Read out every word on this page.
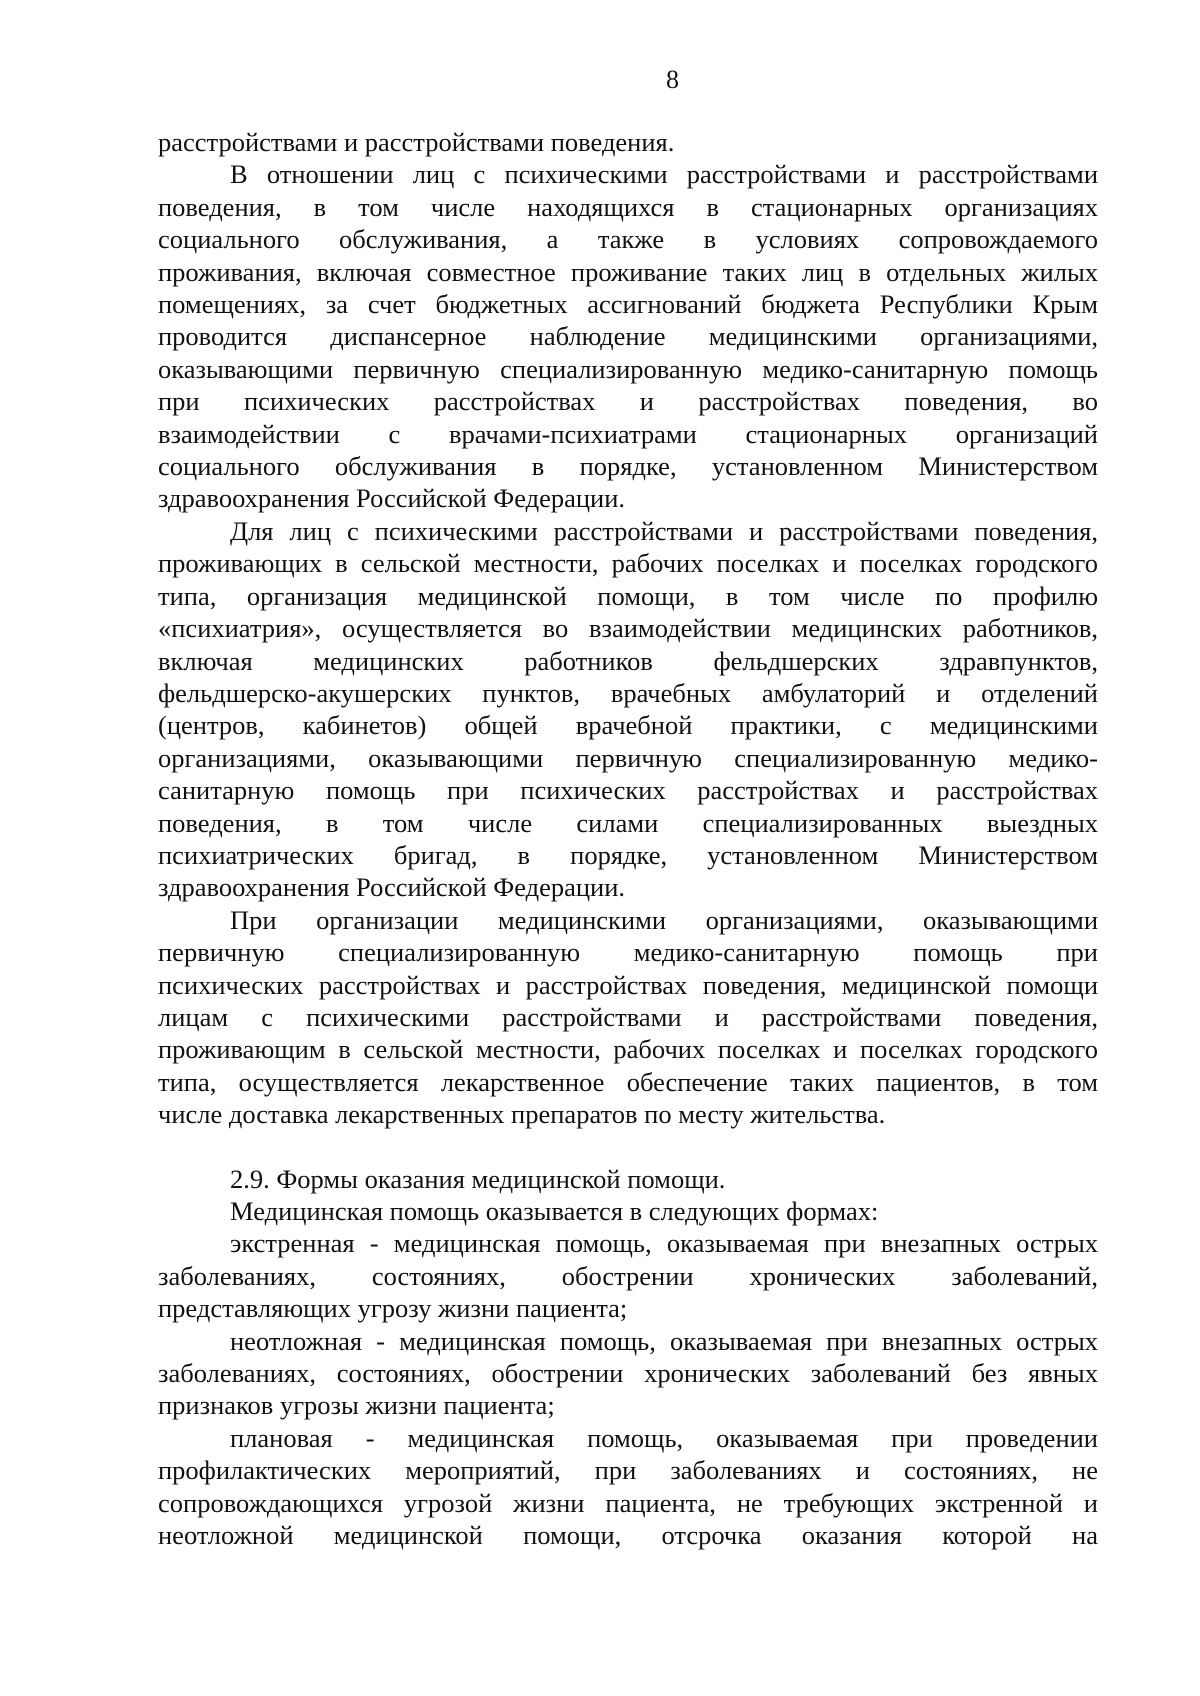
8

расстройствами и расстройствами поведения.

В отношении лиц с психическими расстройствами и расстройствами
поведения, в том числе находящихся в стационарных организациях
социального обслуживания, а также в условиях сопровождаемого
проживания, включая совместное проживание таких лиц в отдельных жилых
помещениях, за счет бюджетных ассигнований бюджета Республики Крым
проводится диспансерное наблюдение медицинскими организациями,
оказывающими первичную специализированную медико-санитарную помощь
при психических расстройствах и расстройствах поведения, во
взаимодействии с врачами-психиатрами стационарных организаций
социального обслуживания в порядке, установленном Министерством
здравоохранения Российской Федерации.

Для лиц с психическими расстройствами и расстройствами поведения,
проживающих в сельской местности, рабочих поселках и поселках городского
типа, организация медицинской помощи, в том числе по профилю
«психиатрия», осуществляется во взаимодействии медицинских работников,
включая медицинских работников фельдшерских здравпунктов,
фельдшерско-акушерских пунктов, врачебных амбулаторий и отделений
(центров, кабинетов) общей врачебной практики, с медицинскими
организациями, оказывающими первичную специализированную медико-
санитарную помощь при психических расстройствах и расстройствах
поведения, в том числе силами специализированных выездных
психиатрических бригад, в порядке, установленном Министерством
здравоохранения Российской Федерации.

При организации медицинскими организациями, оказывающими
первичную специализированную медико-санитарную помощь при
психических расстройствах и расстройствах поведения, медицинской помощи
лицам с психическими расстройствами и расстройствами поведения,
проживающим в сельской местности, рабочих поселках и поселках городского
типа, осуществляется лекарственное обеспечение таких пациентов, в том
числе доставка лекарственных препаратов по месту жительства.

2.9. Формы оказания медицинской помощи.

Медицинская помощь оказывается в следующих формах:

экстренная - медицинская помощь, оказываемая при внезапных острых
заболеваниях, состояниях, обострении хронических заболеваний,
представляющих угрозу жизни пациента;

неотложная - медицинская помощь, оказываемая при внезапных острых
заболеваниях, состояниях, обострении хронических заболеваний без явных
признаков угрозы жизни пациента;

плановая - медицинская помощь, оказываемая при проведении
профилактических мероприятий, при заболеваниях и состояниях, не
сопровождающихся угрозой жизни пациента, не требующих экстренной и
неотложной медицинской помощи, отсрочка оказания которой на
